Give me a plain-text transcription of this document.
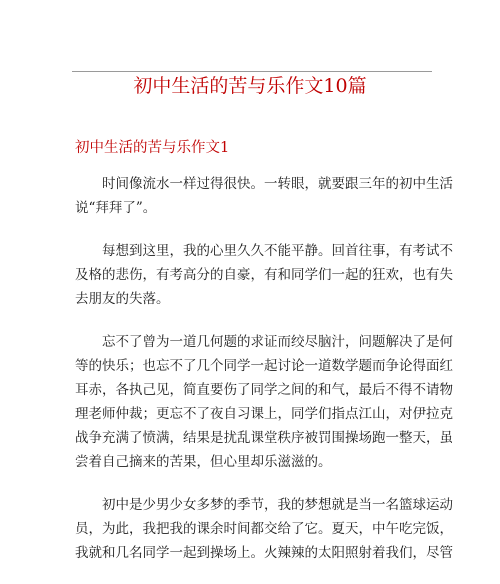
初中生活的苦与乐作文10篇
初中生活的苦与乐作文1

时间像流水一样过得很快。一转眼，就要跟三年的初中生活
说“拜拜了”。

每想到这里，我的心里久久不能平静。回首往事，有考试不
及格的悲伤，有考高分的自豪，有和同学们一起的狂欢，也有失
去朋友的失落。

忘不了曾为一道几何题的求证而绞尽脑汁，问题解决了是何
等的快乐；也忘不了几个同学一起讨论一道数学题而争论得面红
耳赤，各执己见，简直要伤了同学之间的和气，最后不得不请物
理老师仲裁；更忘不了夜自习课上，同学们指点江山，对伊拉克
战争充满了愤满，结果是扰乱课堂秩序被罚围操场跑一整天，虽
尝着自己摘来的苦果，但心里却乐滋滋的。

初中是少男少女多梦的季节，我的梦想就是当一名篮球运动
员，为此，我把我的课余时间都交给了它。夏天，中午吃完饭，
我就和几名同学一起到操场上。火辣辣的太阳照射着我们，尽管
